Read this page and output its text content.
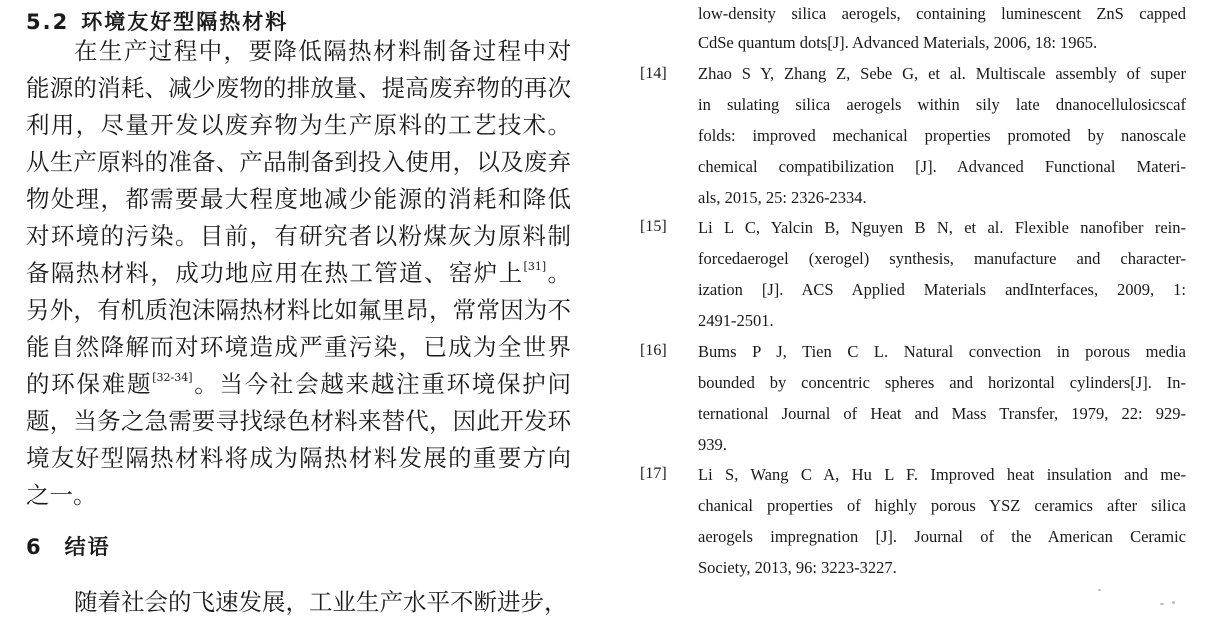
5.2 环境友好型隔热材料
在生产过程中，要降低隔热材料制备过程中对
能源的消耗、减少废物的排放量、提高废弃物的再次
利用，尽量开发以废弃物为生产原料的工艺技术。
从生产原料的准备、产品制备到投入使用，以及废弃
物处理，都需要最大程度地减少能源的消耗和降低
对环境的污染。目前，有研究者以粉煤灰为原料制
备隔热材料，成功地应用在热工管道、窑炉上[31]。
另外，有机质泡沫隔热材料比如氟里昂，常常因为不
能自然降解而对环境造成严重污染，已成为全世界
的环保难题[32-34]。当今社会越来越注重环境保护问
题，当务之急需要寻找绿色材料来替代，因此开发环
境友好型隔热材料将成为隔热材料发展的重要方向
之一。
6 结语
随着社会的飞速发展，工业生产水平不断进步，
low-density silica aerogels, containing luminescent ZnS capped
CdSe quantum dots[J]. Advanced Materials, 2006, 18: 1965.
[14] Zhao S Y, Zhang Z, Sebe G, et al. Multiscale assembly of super
in sulating silica aerogels within sily late dnanocellulosicscaf
folds: improved mechanical properties promoted by nanoscale
chemical compatibilization [J]. Advanced Functional Materi-
als, 2015, 25: 2326-2334.
[15] Li L C, Yalcin B, Nguyen B N, et al. Flexible nanofiber rein-
forcedaerogel (xerogel) synthesis, manufacture and character-
ization [J]. ACS Applied Materials andInterfaces, 2009, 1:
2491-2501.
[16] Bums P J, Tien C L. Natural convection in porous media
bounded by concentric spheres and horizontal cylinders[J]. In-
ternational Journal of Heat and Mass Transfer, 1979, 22: 929-
939.
[17] Li S, Wang C A, Hu L F. Improved heat insulation and me-
chanical properties of highly porous YSZ ceramics after silica
aerogels impregnation [J]. Journal of the American Ceramic
Society, 2013, 96: 3223-3227.
